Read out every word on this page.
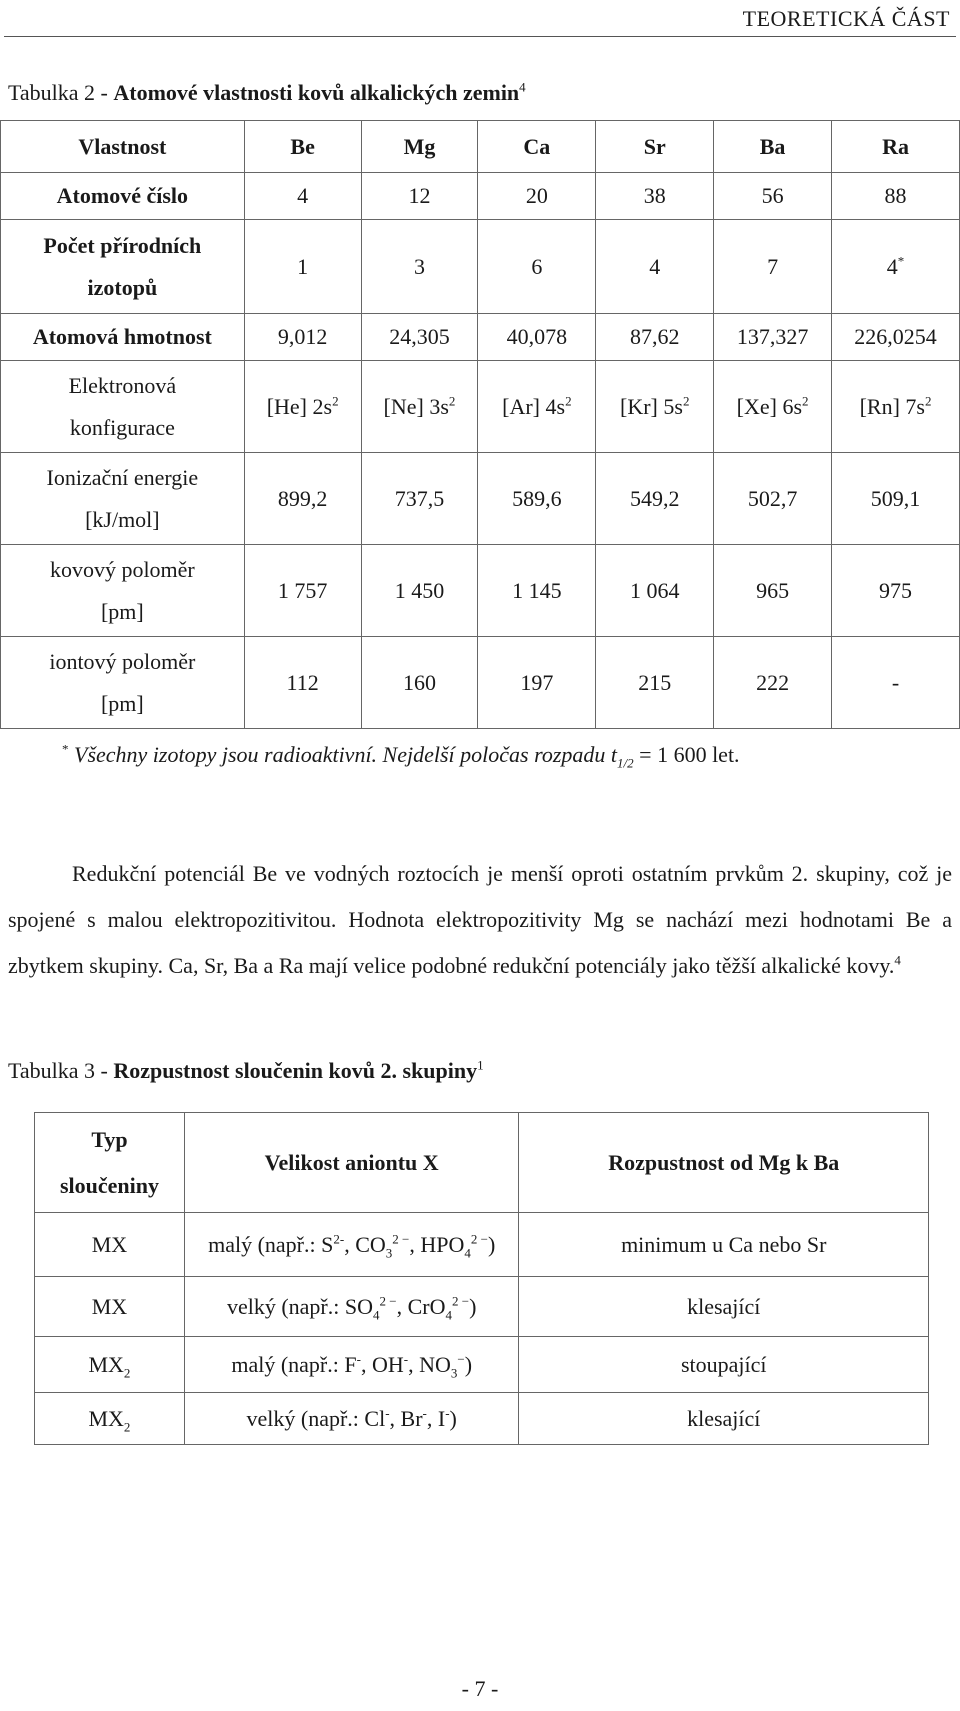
TEORETICKÁ ČÁST
Tabulka 2 - Atomové vlastnosti kovů alkalických zemin$^4$
Vlastnost	Be	Mg	Ca	Sr	Ba	Ra
Atomové číslo	4	12	20	38	56	88
Počet přírodních
izotopů	1	3	6	4	7	4*
Atomová hmotnost	9,012	24,305	40,078	87,62	137,327	226,0254
Elektronová
konfigurace	[He] $2s^2$	[Ne] $3s^2$	[Ar] $4s^2$	[Kr] $5s^2$	[Xe] $6s^2$	[Rn] $7s^2$
Ionizační energie
[kJ/mol]	899,2	737,5	589,6	549,2	502,7	509,1
kovový poloměr
[pm]	1 757	1 450	1 145	1 064	965	975
iontový poloměr
[pm]	112	160	197	215	222	-
* Všechny izotopy jsou radioaktivní. Nejdelší poločas rozpadu $t_{1/2} = 1$ 600 let.
Redukční potenciál Be ve vodných roztocích je menší oproti ostatním prvkům 2. skupiny, což je spojené s malou elektropozitivitou. Hodnota elektropozitivity Mg se nachází mezi hodnotami Be a zbytkem skupiny. Ca, Sr, Ba a Ra mají velice podobné redukční potenciály jako těžší alkalické kovy.$^4$
Tabulka 3 - Rozpustnost sloučenin kovů 2. skupiny$^1$
Typ
sloučeniny	Velikost aniontu X	Rozpustnost od Mg k Ba
MX	malý (např.: $S^{2-}$, $CO_3^{2 -}$, $HPO_4^{2 -}$)	minimum u Ca nebo Sr
MX	velký (např.: $SO_4^{2 -}$, CrO$_4^{2 -}$)	klesající
$MX_2$	malý (např.: F-, OH-, $NO_3^-$)	stoupající
$MX_2$	velký (např.: Cl-, Br-, I-)	klesající
- 7 -
